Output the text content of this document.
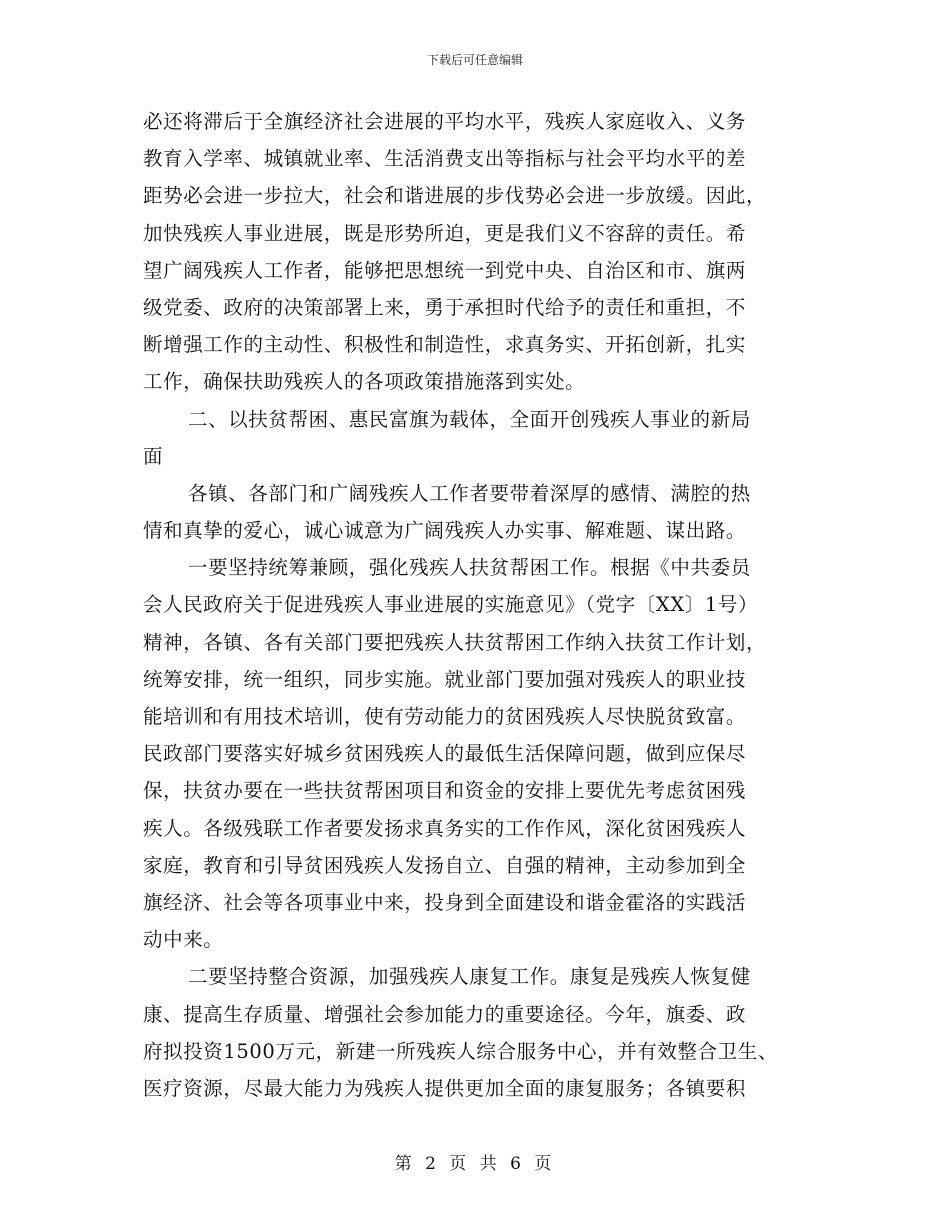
下载后可任意编辑
必还将滞后于全旗经济社会进展的平均水平，残疾人家庭收入、义务
教育入学率、城镇就业率、生活消费支出等指标与社会平均水平的差
距势必会进一步拉大，社会和谐进展的步伐势必会进一步放缓。因此，
加快残疾人事业进展，既是形势所迫，更是我们义不容辞的责任。希
望广阔残疾人工作者，能够把思想统一到党中央、自治区和市、旗两
级党委、政府的决策部署上来，勇于承担时代给予的责任和重担，不
断增强工作的主动性、积极性和制造性，求真务实、开拓创新，扎实
工作，确保扶助残疾人的各项政策措施落到实处。
二、以扶贫帮困、惠民富旗为载体，全面开创残疾人事业的新局
面
各镇、各部门和广阔残疾人工作者要带着深厚的感情、满腔的热
情和真挚的爱心，诚心诚意为广阔残疾人办实事、解难题、谋出路。
一要坚持统筹兼顾，强化残疾人扶贫帮困工作。根据《中共委员
会人民政府关于促进残疾人事业进展的实施意见》（党字〔XX〕1号）
精神，各镇、各有关部门要把残疾人扶贫帮困工作纳入扶贫工作计划，
统筹安排，统一组织，同步实施。就业部门要加强对残疾人的职业技
能培训和有用技术培训，使有劳动能力的贫困残疾人尽快脱贫致富。
民政部门要落实好城乡贫困残疾人的最低生活保障问题，做到应保尽
保，扶贫办要在一些扶贫帮困项目和资金的安排上要优先考虑贫困残
疾人。各级残联工作者要发扬求真务实的工作作风，深化贫困残疾人
家庭，教育和引导贫困残疾人发扬自立、自强的精神，主动参加到全
旗经济、社会等各项事业中来，投身到全面建设和谐金霍洛的实践活
动中来。
二要坚持整合资源，加强残疾人康复工作。康复是残疾人恢复健
康、提高生存质量、增强社会参加能力的重要途径。今年，旗委、政
府拟投资1500万元，新建一所残疾人综合服务中心，并有效整合卫生、
医疗资源，尽最大能力为残疾人提供更加全面的康复服务；各镇要积
第 2 页 共 6 页
